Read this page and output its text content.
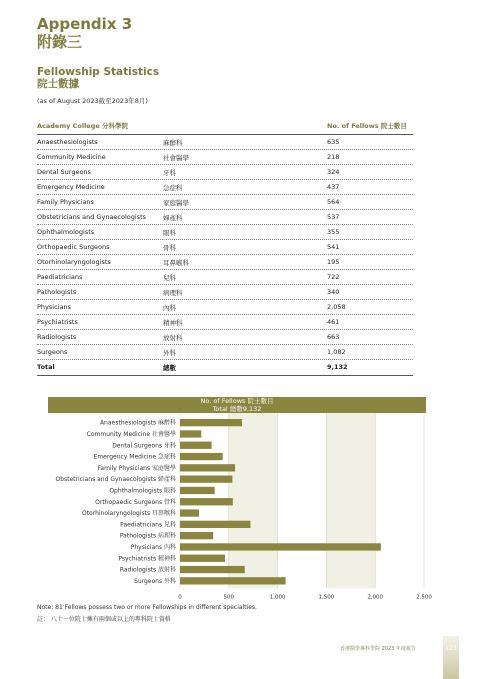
Appendix 3
附錄三
Fellowship Statistics
院士數據
(as of August 2023截至2023年8月)
Academy College 分科學院	No. of Fellows 院士數目
Anaesthesiologists	麻醉科	635
Community Medicine	社會醫學	218
Dental Surgeons	牙科	324
Emergency Medicine	急症科	437
Family Physicians	家庭醫學	564
Obstetricians and Gynaecologists	婦產科	537
Ophthalmologists	眼科	355
Orthopaedic Surgeons	骨科	541
Otorhinolaryngologists	耳鼻喉科	195
Paediatricians	兒科	722
Pathologists	病理科	340
Physicians	內科	2,058
Psychiatrists	精神科	461
Radiologists	放射科	663
Surgeons	外科	1,082
Total	總數	9,132
No. of Fellows 院士數目
Total 總數9,132
Anaesthesiologists 麻醉科
Community Medicine 社會醫學
Dental Surgeons 牙科
Emergency Medicine 急症科
Family Physicians 家庭醫學
Obstetricians and Gynaecologists 婦產科
Ophthalmologists 眼科
Orthopaedic Surgeons 骨科
Otorhinolaryngologists 耳鼻喉科
Paediatricians 兒科
Pathologists 病理科
Physicians 內科
Psychiatrists 精神科
Radiologists 放射科
Surgeons 外科
0	500	1,000	1,500	2,000	2,500
Note: 81 Fellows possess two or more Fellowships in different specialties.
註： 八十一位院士擁有兩個或以上的專科院士資格
香港醫學專科學院 2023 年度報告	123
